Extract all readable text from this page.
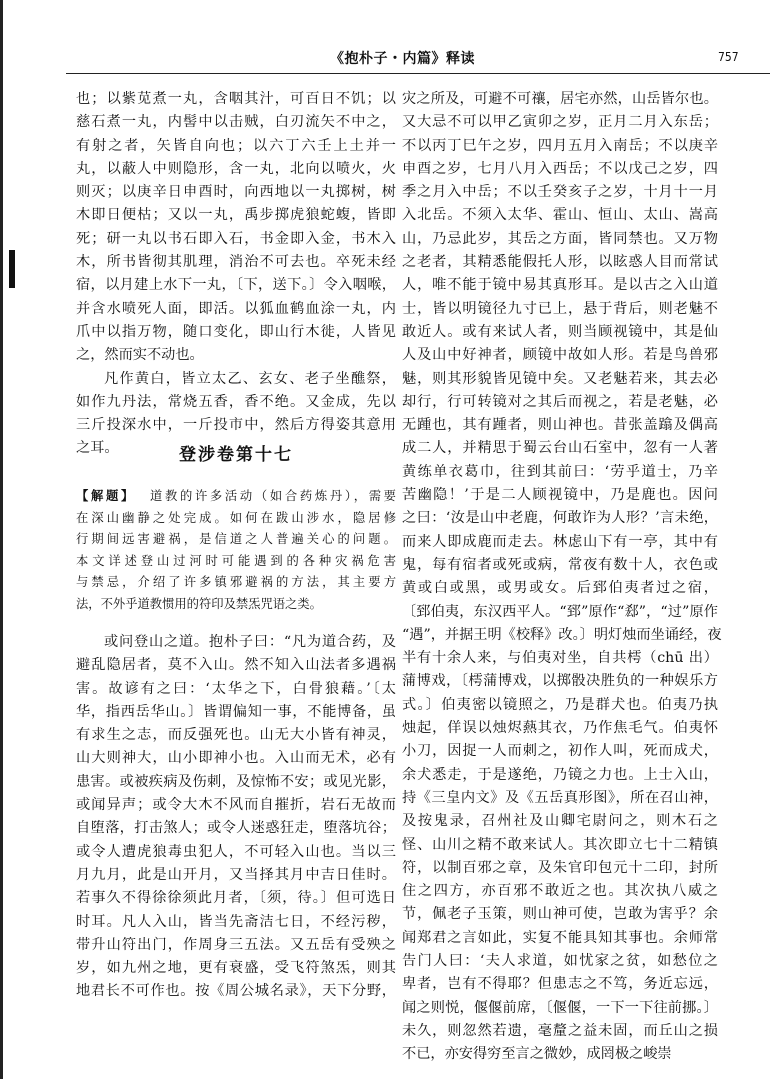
《抱朴子・内篇》释读	757

也；以紫苋煮一丸，含咽其汁，可百日不饥；以

慈石煮一丸，内髻中以击贼，白刃流矢不中之，

有射之者，矢皆自向也；以六丁六壬上土并一

丸，以蔽人中则隐形，含一丸，北向以喷火，火

则灭；以庚辛日申酉时，向西地以一丸掷树，树

木即日便枯；又以一丸，禹步掷虎狼蛇蝮，皆即

死；研一丸以书石即入石，书金即入金，书木入

木，所书皆彻其肌理，消治不可去也。卒死未经

宿，以月建上水下一丸，〔下，送下。〕令入咽喉，

并含水喷死人面，即活。以狐血鹤血涂一丸，内

爪中以指万物，随口变化，即山行木徙，人皆见

之，然而实不动也。

凡作黄白，皆立太乙、玄女、老子坐醮祭，

如作九丹法，常烧五香，香不绝。又金成，先以

三斤投深水中，一斤投市中，然后方得姿其意用

之耳。	登涉卷第十七

【解题】 道教的许多活动（如合药炼丹），需要

在深山幽静之处完成。如何在跋山涉水，隐居修

行期间远害避祸，是信道之人普遍关心的问题。

本文详述登山过河时可能遇到的各种灾祸危害

与禁忌，介绍了许多镇邪避祸的方法，其主要方

法，不外乎道教惯用的符印及禁炁咒语之类。

或问登山之道。抱朴子曰：“凡为道合药，及

避乱隐居者，莫不入山。然不知入山法者多遇祸

害。故谚有之曰：‘太华之下，白骨狼藉。’〔太

华，指西岳华山。〕皆谓偏知一事，不能博备，虽

有求生之志，而反强死也。山无大小皆有神灵，

山大则神大，山小即神小也。入山而无术，必有

患害。或被疾病及伤刺，及惊怖不安；或见光影，

或闻异声；或令大木不风而自摧折，岩石无故而

自堕落，打击煞人；或令人迷惑狂走，堕落坑谷；

或令人遭虎狼毒虫犯人，不可轻入山也。当以三

月九月，此是山开月，又当择其月中吉日佳时。

若事久不得徐徐须此月者，〔须，待。〕但可选日

时耳。凡人入山，皆当先斋洁七日，不经污秽，

带升山符出门，作周身三五法。又五岳有受殃之

岁，如九州之地，更有衰盛，受飞符煞炁，则其

地君长不可作也。按《周公城名录》，天下分野，

灾之所及，可避不可禳，居宅亦然，山岳皆尔也。

又大忌不可以甲乙寅卯之岁，正月二月入东岳；

不以丙丁巳午之岁，四月五月入南岳；不以庚辛

申酉之岁，七月八月入西岳；不以戊己之岁，四

季之月入中岳；不以壬癸亥子之岁，十月十一月

入北岳。不须入太华、霍山、恒山、太山、嵩高

山，乃忌此岁，其岳之方面，皆同禁也。又万物

之老者，其精悉能假托人形，以眩惑人目而常试

人，唯不能于镜中易其真形耳。是以古之入山道

士，皆以明镜径九寸已上，悬于背后，则老魅不

敢近人。或有来试人者，则当顾视镜中，其是仙

人及山中好神者，顾镜中故如人形。若是鸟兽邪

魅，则其形貌皆见镜中矣。又老魅若来，其去必

却行，行可转镜对之其后而视之，若是老魅，必

无踵也，其有踵者，则山神也。昔张盖蹹及偶高

成二人，并精思于蜀云台山石室中，忽有一人著

黄练单衣葛巾，往到其前曰：‘劳乎道士，乃辛

苦幽隐！’于是二人顾视镜中，乃是鹿也。因问

之曰：‘汝是山中老鹿，何敢诈为人形？’言未绝，

而来人即成鹿而走去。林虑山下有一亭，其中有

鬼，每有宿者或死或病，常夜有数十人，衣色或

黄或白或黑，或男或女。后郅伯夷者过之宿，

〔郅伯夷，东汉西平人。“郅”原作“郄”，“过”原作

“遇”，并据王明《校释》改。〕明灯烛而坐诵经，夜

半有十余人来，与伯夷对坐，自共樗（chū 出）

蒲博戏，〔樗蒲博戏，以掷骰决胜负的一种娱乐方

式。〕伯夷密以镜照之，乃是群犬也。伯夷乃执

烛起，佯误以烛烬爇其衣，乃作焦毛气。伯夷怀

小刀，因捉一人而刺之，初作人叫，死而成犬，

余犬悉走，于是遂绝，乃镜之力也。上士入山，

持《三皇内文》及《五岳真形图》，所在召山神，

及按鬼录，召州社及山卿宅尉问之，则木石之

怪、山川之精不敢来试人。其次即立七十二精镇

符，以制百邪之章，及朱官印包元十二印，封所

住之四方，亦百邪不敢近之也。其次执八威之

节，佩老子玉策，则山神可使，岂敢为害乎？余

闻郑君之言如此，实复不能具知其事也。余师常

告门人曰：‘夫人求道，如忧家之贫，如愁位之

卑者，岂有不得耶？但患志之不笃，务近忘远，

闻之则悦，偃偃前席，〔偃偃，一下一下往前挪。〕

未久，则忽然若遗，毫釐之益未固，而丘山之损

不已，亦安得穷至言之微妙，成罔极之峻崇
